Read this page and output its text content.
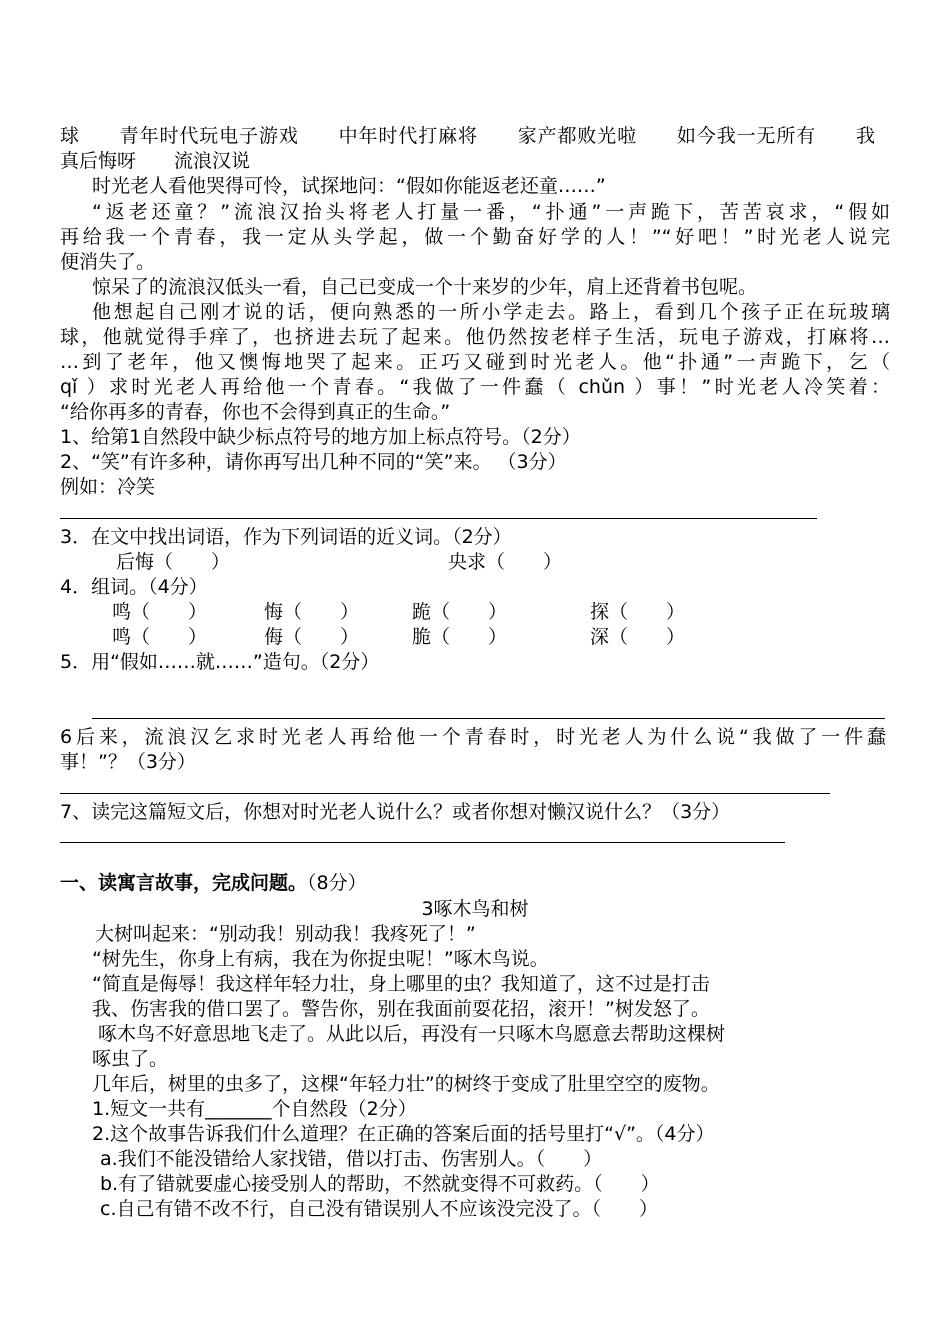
球　　青年时代玩电子游戏　　中年时代打麻将　　家产都败光啦　　如今我一无所有　　我
真后悔呀　　流浪汉说
时光老人看他哭得可怜，试探地问：“假如你能返老还童……”
“返老还童？”流浪汉抬头将老人打量一番，“扑通”一声跪下，苦苦哀求，“假如
再给我一个青春，我一定从头学起，做一个勤奋好学的人！”“好吧！”时光老人说完
便消失了。
惊呆了的流浪汉低头一看，自己已变成一个十来岁的少年，肩上还背着书包呢。
他想起自己刚才说的话，便向熟悉的一所小学走去。路上，看到几个孩子正在玩玻璃
球，他就觉得手痒了，也挤进去玩了起来。他仍然按老样子生活，玩电子游戏，打麻将…
…到了老年，他又懊悔地哭了起来。正巧又碰到时光老人。他“扑通”一声跪下，乞（
qǐ ）求时光老人再给他一个青春。“我做了一件蠢（ chǔn ）事！”时光老人冷笑着：
“给你再多的青春，你也不会得到真正的生命。”
1、给第1自然段中缺少标点符号的地方加上标点符号。（2分）
2、“笑”有许多种，请你再写出几种不同的“笑”来。 （3分）
例如：冷笑
3．在文中找出词语，作为下列词语的近义词。（2分）
后悔（　　）	央求（　　）
4．组词。（4分）
鸣（　　）	悔（　　）	跪（　　）	探（　　）
鸣（　　）	侮（　　）	脆（　　）	深（　　）
5．用“假如……就……”造句。（2分）
6后来，流浪汉乞求时光老人再给他一个青春时，时光老人为什么说“我做了一件蠢
事！”？（3分）
7、读完这篇短文后，你想对时光老人说什么？或者你想对懒汉说什么？（3分）
一、读寓言故事，完成问题。（8分）
3啄木鸟和树
大树叫起来：“别动我！别动我！我疼死了！”
“树先生，你身上有病，我在为你捉虫呢！”啄木鸟说。
“简直是侮辱！我这样年轻力壮，身上哪里的虫？我知道了，这不过是打击
我、伤害我的借口罢了。警告你，别在我面前耍花招，滚开！”树发怒了。
啄木鸟不好意思地飞走了。从此以后，再没有一只啄木鸟愿意去帮助这棵树
啄虫了。
几年后，树里的虫多了，这棵“年轻力壮”的树终于变成了肚里空空的废物。
1.短文一共有_______个自然段（2分）
2.这个故事告诉我们什么道理？在正确的答案后面的括号里打“√”。（4分）
a.我们不能没错给人家找错，借以打击、伤害别人。（　　）
b.有了错就要虚心接受别人的帮助，不然就变得不可救药。（　　）
c.自己有错不改不行，自己没有错误别人不应该没完没了。（　　）
